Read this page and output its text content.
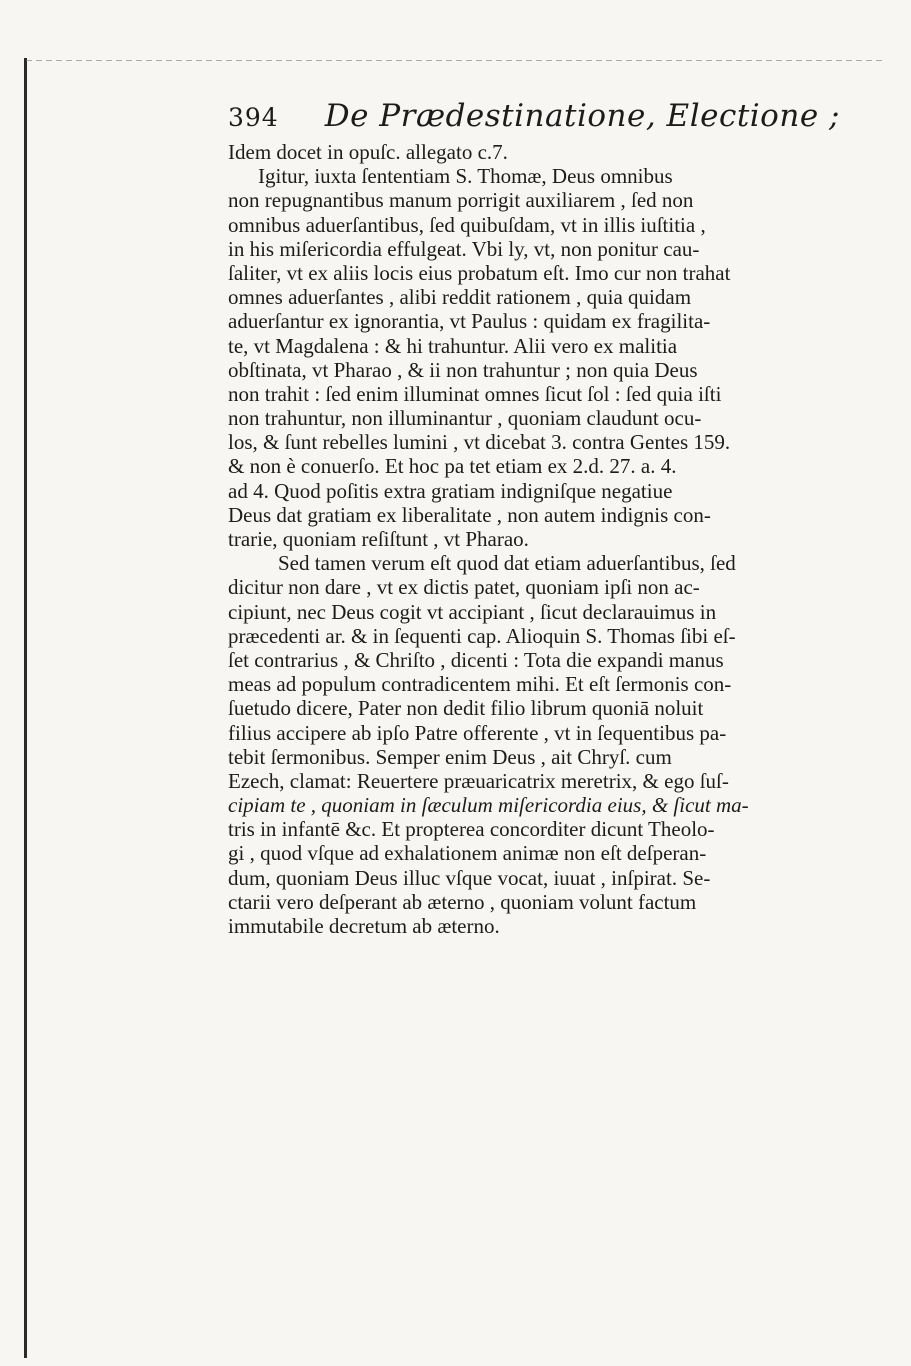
394 De Prædestinatione, Electione ;
Idem docet in opuſc. allegato c.7.
Igitur, iuxta ſententiam S. Thomæ, Deus omnibus
non repugnantibus manum porrigit auxiliarem , ſed non
omnibus aduerſantibus, ſed quibuſdam, vt in illis iuſtitia ,
in his miſericordia effulgeat. Vbi ly, vt, non ponitur cau-
ſaliter, vt ex aliis locis eius probatum eſt. Imo cur non trahat
omnes aduerſantes , alibi reddit rationem , quia quidam
aduerſantur ex ignorantia, vt Paulus : quidam ex fragilita-
te, vt Magdalena : & hi trahuntur. Alii vero ex malitia
obſtinata, vt Pharao , & ii non trahuntur ; non quia Deus
non trahit : ſed enim illuminat omnes ſicut ſol : ſed quia iſti
non trahuntur, non illuminantur , quoniam claudunt ocu-
los, & ſunt rebelles lumini , vt dicebat 3. contra Gentes 159.
& non è conuerſo. Et hoc pa tet etiam ex 2.d. 27. a. 4.
ad 4. Quod poſitis extra gratiam indigniſque negatiue
Deus dat gratiam ex liberalitate , non autem indignis con-
trarie, quoniam reſiſtunt , vt Pharao.
Sed tamen verum eſt quod dat etiam aduerſantibus, ſed
dicitur non dare , vt ex dictis patet, quoniam ipſi non ac-
cipiunt, nec Deus cogit vt accipiant , ſicut declarauimus in
præcedenti ar. & in ſequenti cap. Alioquin S. Thomas ſibi eſ-
ſet contrarius , & Chriſto , dicenti : Tota die expandi manus
meas ad populum contradicentem mihi. Et eſt ſermonis con-
ſuetudo dicere, Pater non dedit filio librum quoniā noluit
filius accipere ab ipſo Patre offerente , vt in ſequentibus pa-
tebit ſermonibus. Semper enim Deus , ait Chryſ. cum
Ezech, clamat: Reuertere præuaricatrix meretrix, & ego ſuſ-
cipiam te , quoniam in ſæculum miſericordia eius, & ſicut ma-
tris in infantē &c. Et propterea concorditer dicunt Theolo-
gi , quod vſque ad exhalationem animæ non eſt deſperan-
dum, quoniam Deus illuc vſque vocat, iuuat , inſpirat. Se-
ctarii vero deſperant ab æterno , quoniam volunt factum
immutabile decretum ab æterno.
